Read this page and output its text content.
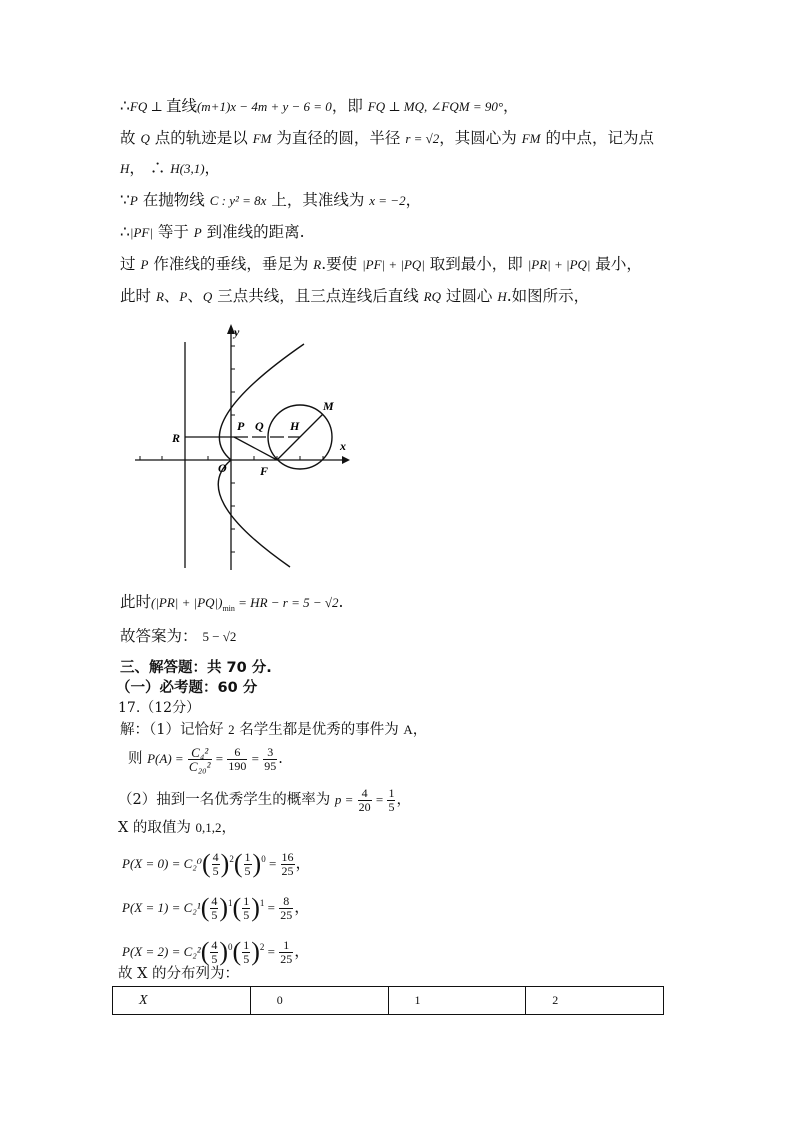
∴FQ ⊥ 直线(m+1)x − 4m + y − 6 = 0，即 FQ ⊥ MQ, ∠FQM = 90°，
故 Q 点的轨迹是以 FM 为直径的圆，半径 r = √2，其圆心为 FM 的中点，记为点
H， ∴ H(3,1)，
∵P 在抛物线 C : y² = 8x 上，其准线为 x = −2，
∴|PF| 等于 P 到准线的距离.
过 P 作准线的垂线，垂足为 R.要使 |PF| + |PQ| 取到最小，即 |PR| + |PQ| 最小，
此时 R、P、Q 三点共线，且三点连线后直线 RQ 过圆心 H.如图所示，
y
x
R
P Q H
M
O	F
此时$(|PR| + |PQ|)_{min}$ = HR − r = 5 − √2.
故答案为： 5 − √2
三、解答题：共 70 分.
（一）必考题：60 分
17.（12分）
解：（1）记恰好 2 名学生都是优秀的事件为 A，
则 $P(A) = \frac{\text{C₄²}}{\text{C₂₀²}} = \frac{6}{190} = \frac{3}{95}$ .
（2）抽到一名优秀学生的概率为 $p = \frac{4}{20} = \frac{1}{5}$ ，
X 的取值为 0,1,2，
$P(X = 0) = C_2^0( \frac{4}{5} )^2( \frac{1}{5} )^0 = \frac{16}{25}$ ，
$P(X = 1) = C_2^1( \frac{4}{5} )^1( \frac{1}{5} )^1 = \frac{8}{25}$ ，
$P(X = 2) = C_2^2( \frac{4}{5} )^0( \frac{1}{5} )^2 = \frac{1}{25}$ ，
故 X 的分布列为：
X	0	1	2
